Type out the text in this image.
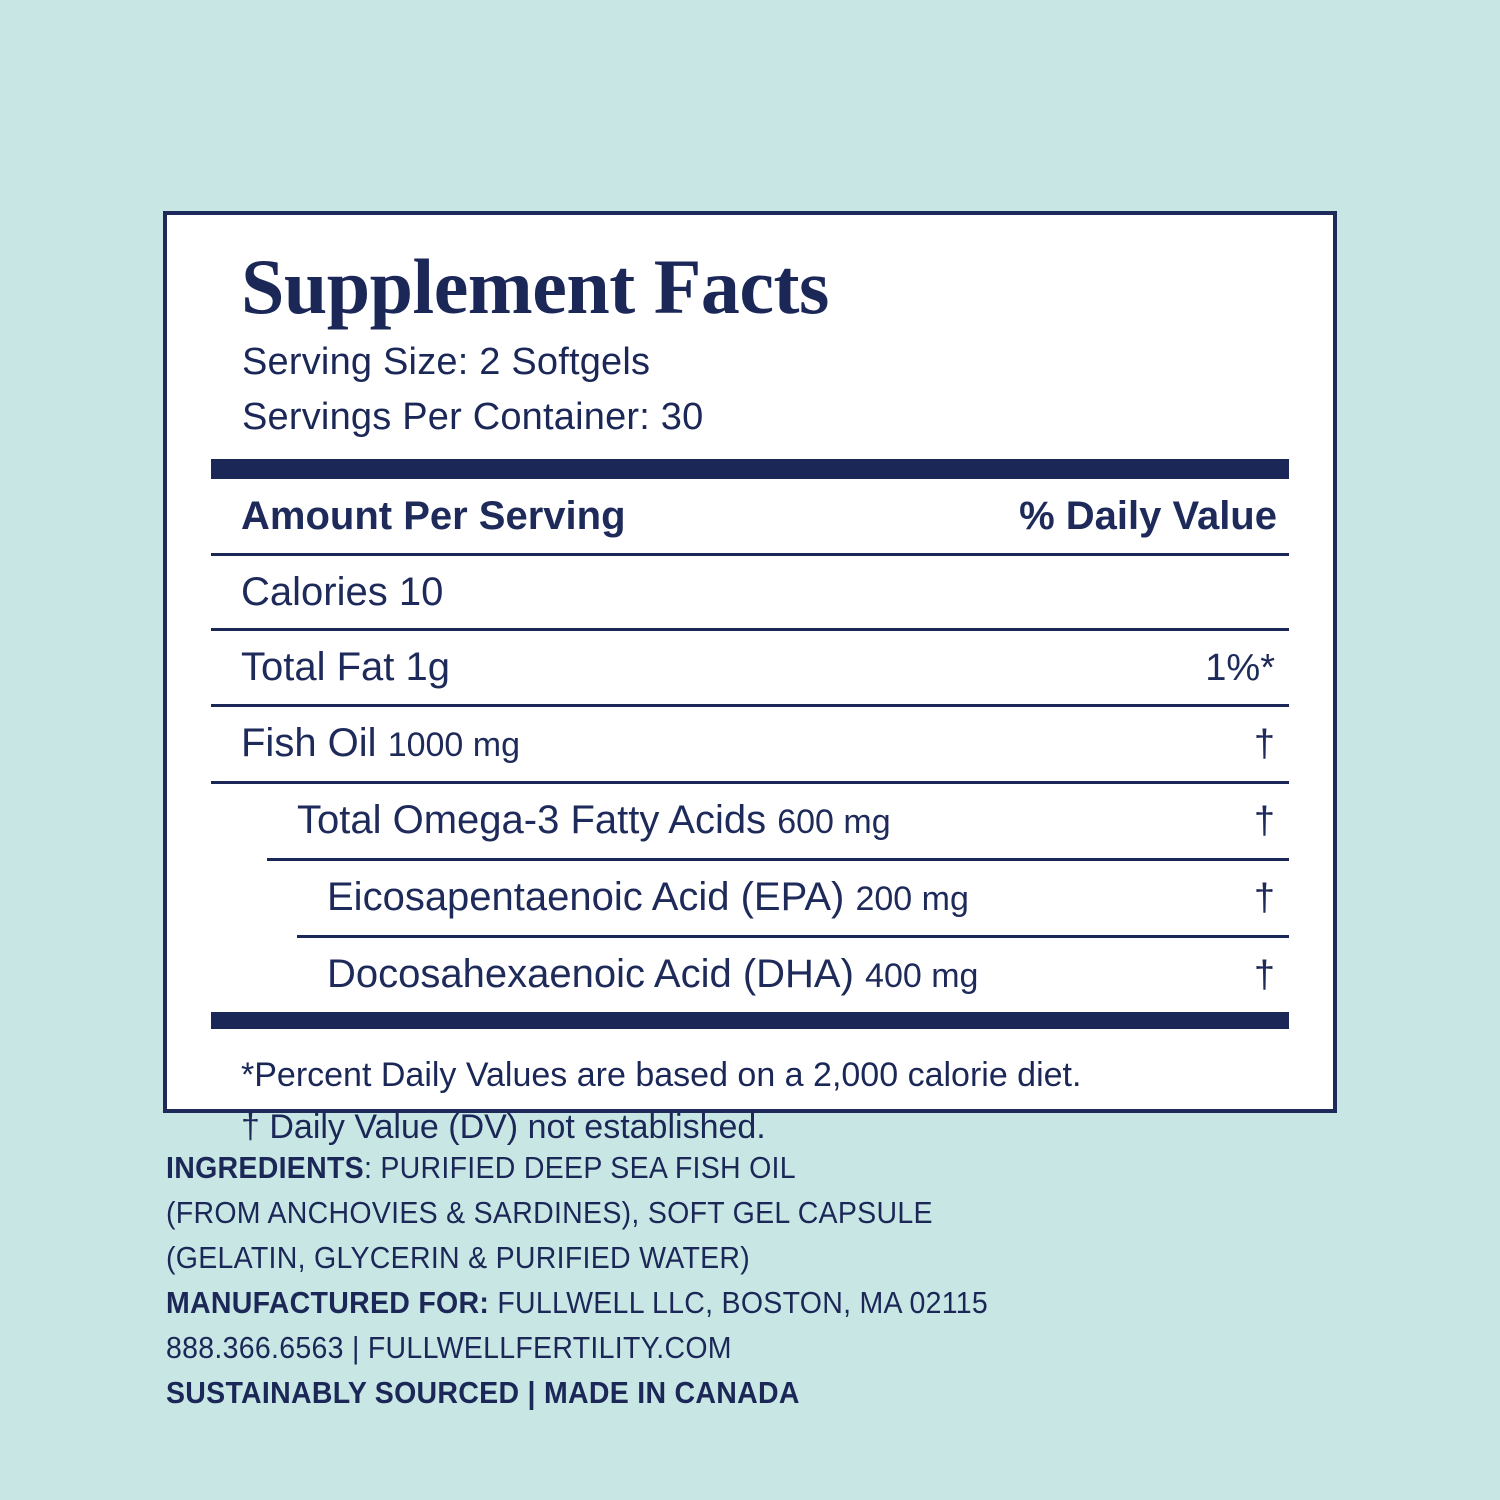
Supplement Facts
Serving Size: 2 Softgels
Servings Per Container: 30
Amount Per Serving	% Daily Value
Calories 10
Total Fat 1g	1%*
Fish Oil 1000 mg	†
Total Omega-3 Fatty Acids 600 mg	†
Eicosapentaenoic Acid (EPA) 200 mg	†
Docosahexaenoic Acid (DHA) 400 mg	†
*Percent Daily Values are based on a 2,000 calorie diet.
† Daily Value (DV) not established.
INGREDIENTS: PURIFIED DEEP SEA FISH OIL
(FROM ANCHOVIES & SARDINES), SOFT GEL CAPSULE
(GELATIN, GLYCERIN & PURIFIED WATER)
MANUFACTURED FOR: FULLWELL LLC, BOSTON, MA 02115
888.366.6563 | FULLWELLFERTILITY.COM
SUSTAINABLY SOURCED | MADE IN CANADA
